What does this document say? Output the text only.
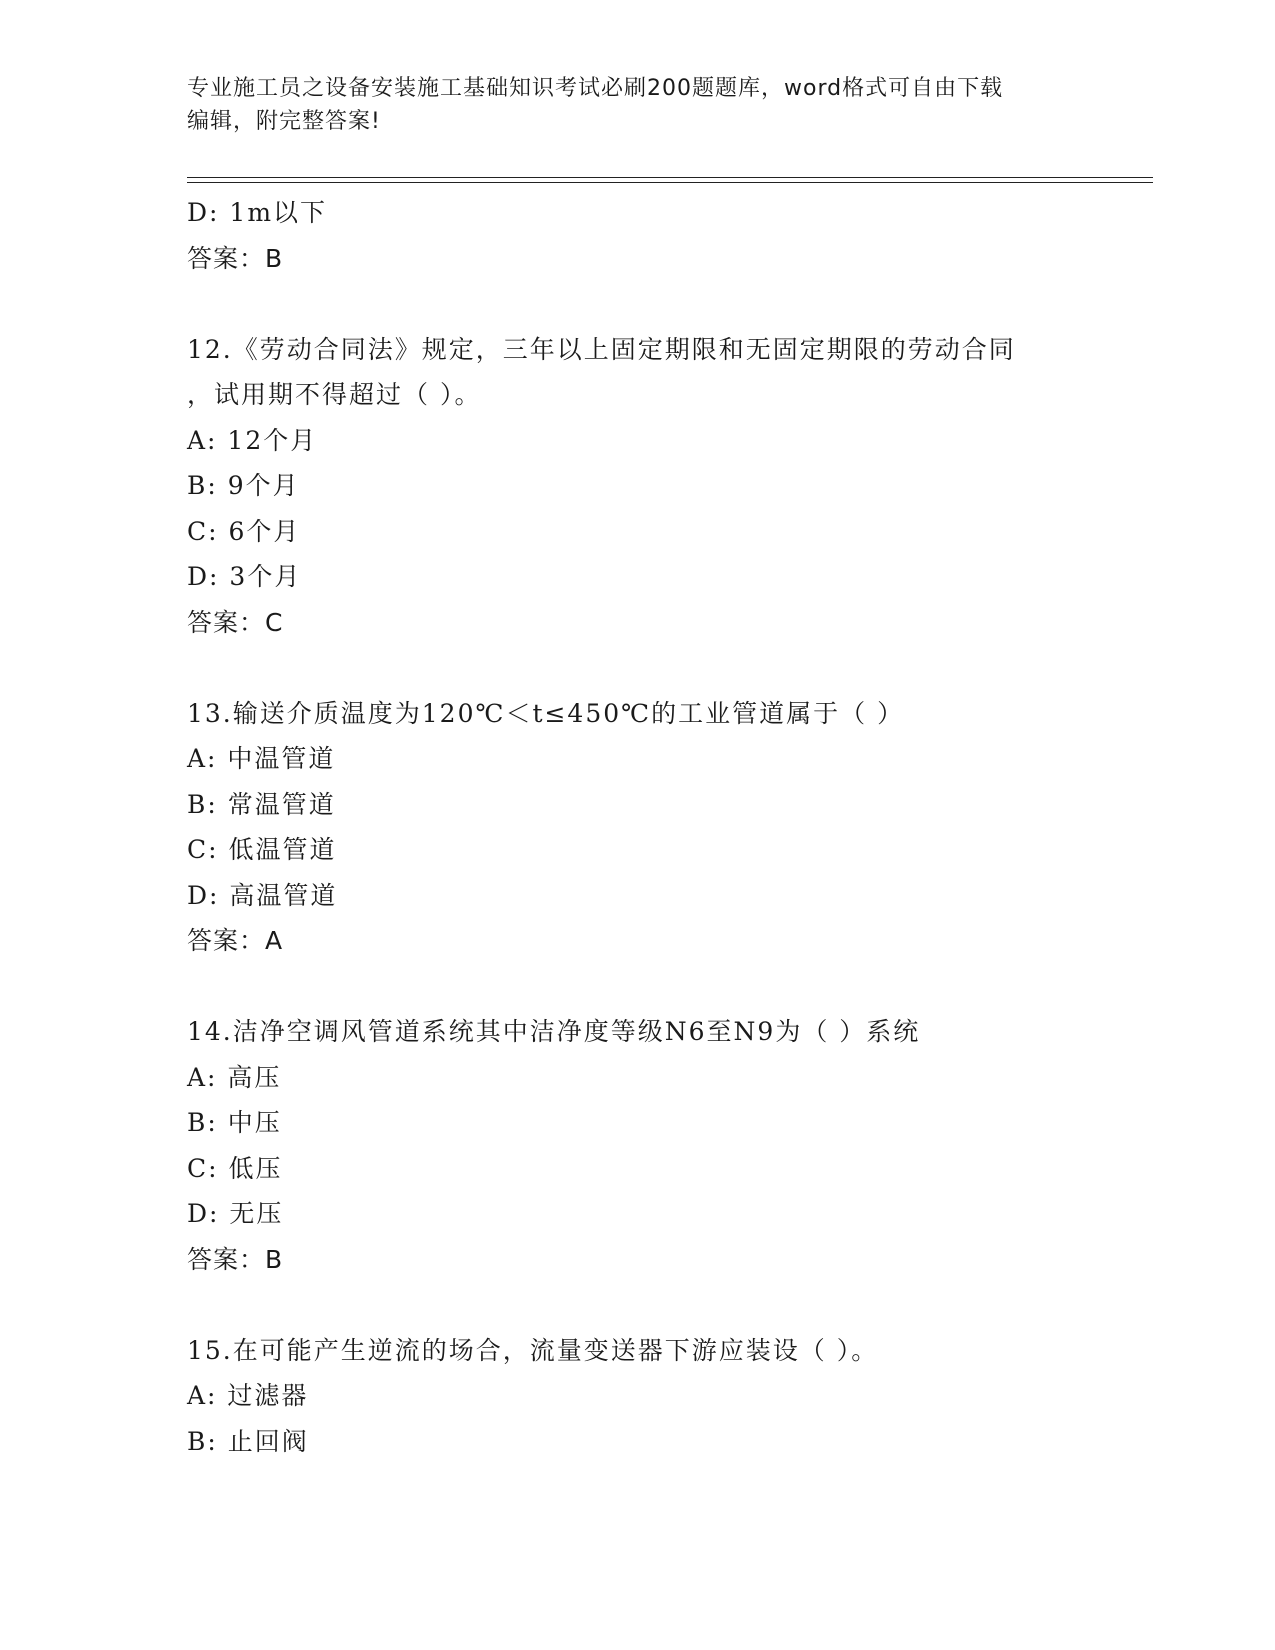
专业施工员之设备安装施工基础知识考试必刷200题题库，word格式可自由下载
编辑，附完整答案!
D: 1m以下
答案：B
12.《劳动合同法》规定，三年以上固定期限和无固定期限的劳动合同
，试用期不得超过（ ）。
A: 12个月
B: 9个月
C: 6个月
D: 3个月
答案：C
13.输送介质温度为120℃＜t≤450℃的工业管道属于（ ）
A: 中温管道
B: 常温管道
C: 低温管道
D: 高温管道
答案：A
14.洁净空调风管道系统其中洁净度等级N6至N9为（ ）系统
A: 高压
B: 中压
C: 低压
D: 无压
答案：B
15.在可能产生逆流的场合，流量变送器下游应装设（ ）。
A: 过滤器
B: 止回阀
